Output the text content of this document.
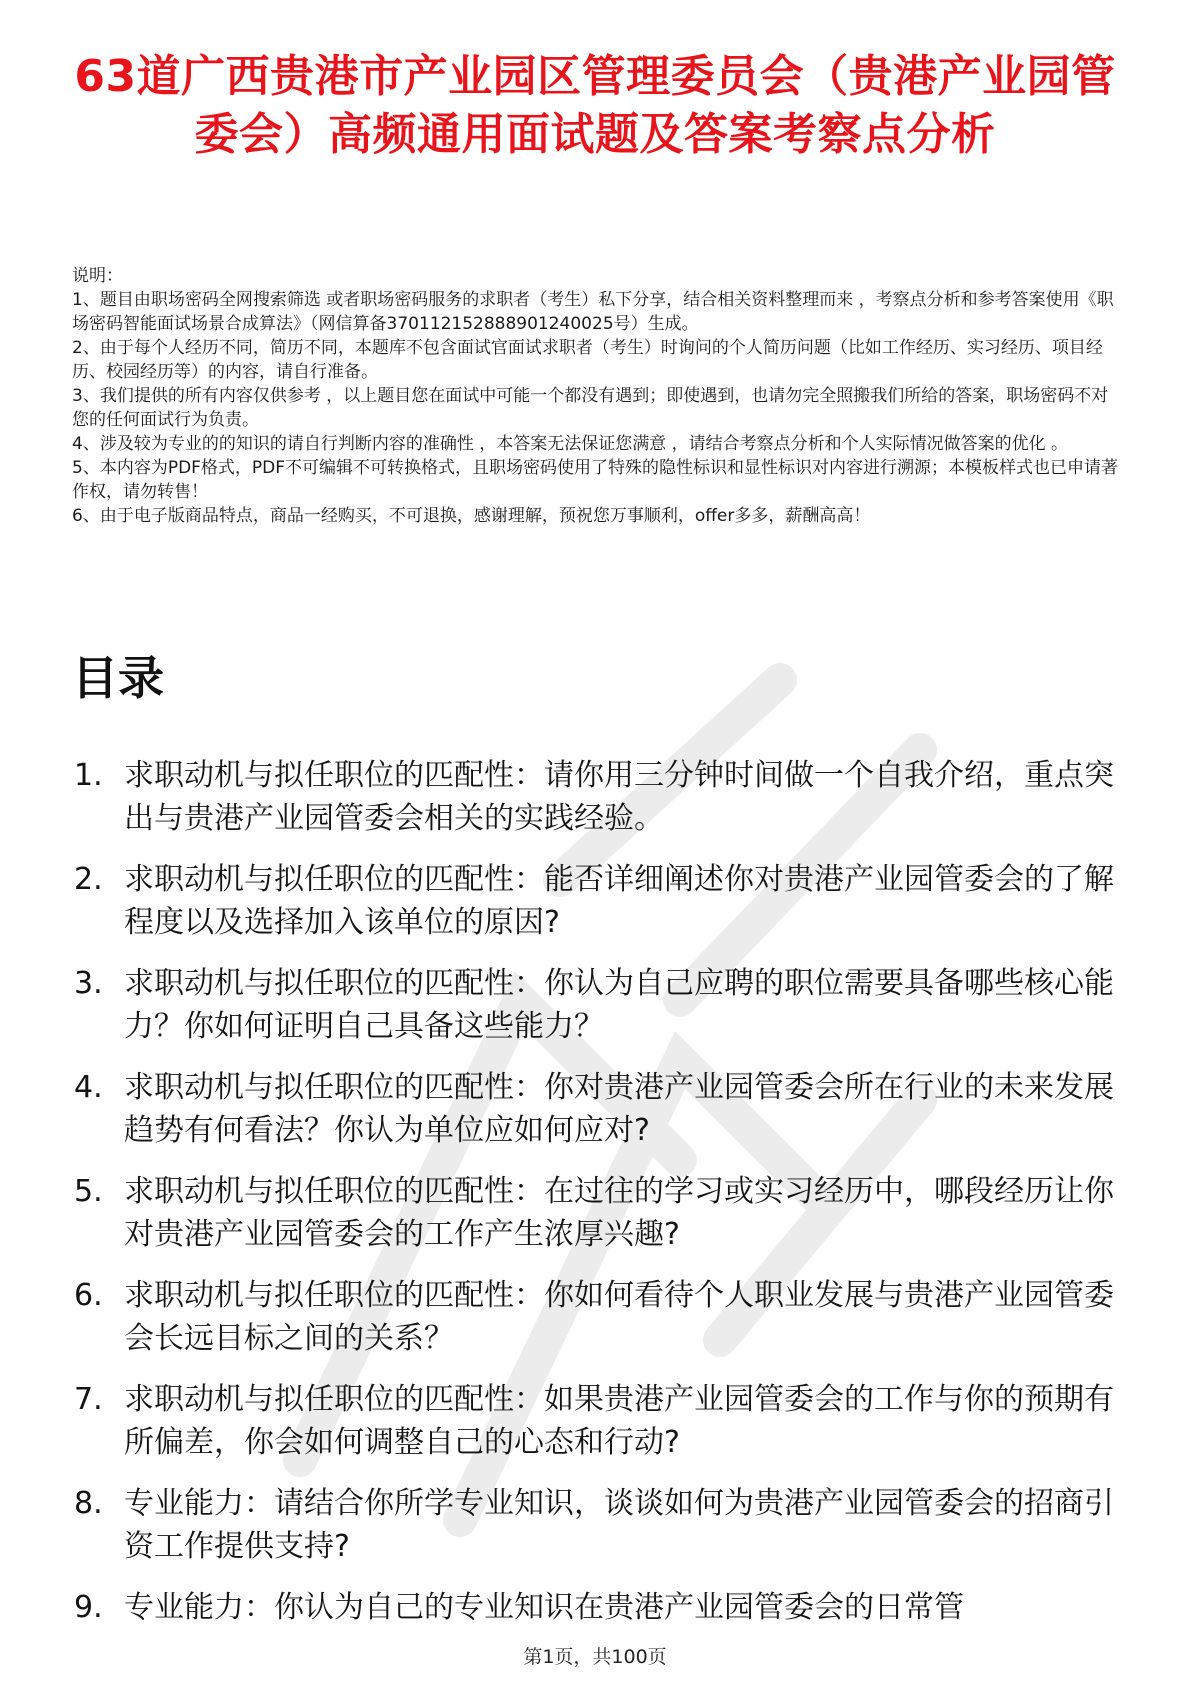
63道广西贵港市产业园区管理委员会（贵港产业园管委会）高频通用面试题及答案考察点分析

说明：

1、题目由职场密码全网搜索筛选 或者职场密码服务的求职者（考生）私下分享，结合相关资料整理而来 ，考察点分析和参考答案使用《职场密码智能面试场景合成算法》（网信算备370112152888901240025号）生成。

2、由于每个人经历不同，简历不同，本题库不包含面试官面试求职者（考生）时询问的个人简历问题（比如工作经历、实习经历、项目经历、校园经历等）的内容，请自行准备。

3、我们提供的所有内容仅供参考 ，以上题目您在面试中可能一个都没有遇到；即使遇到，也请勿完全照搬我们所给的答案，职场密码不对您的任何面试行为负责。

4、涉及较为专业的的知识的请自行判断内容的准确性 ，本答案无法保证您满意 ，请结合考察点分析和个人实际情况做答案的优化 。

5、本内容为PDF格式，PDF不可编辑不可转换格式，且职场密码使用了特殊的隐性标识和显性标识对内容进行溯源；本模板样式也已申请著作权，请勿转售！

6、由于电子版商品特点，商品一经购买，不可退换，感谢理解，预祝您万事顺利，offer多多，薪酬高高！

目录
1. 求职动机与拟任职位的匹配性：请你用三分钟时间做一个自我介绍，重点突出与贵港产业园管委会相关的实践经验。
2. 求职动机与拟任职位的匹配性：能否详细阐述你对贵港产业园管委会的了解程度以及选择加入该单位的原因?
3. 求职动机与拟任职位的匹配性：你认为自己应聘的职位需要具备哪些核心能力？你如何证明自己具备这些能力？
4. 求职动机与拟任职位的匹配性：你对贵港产业园管委会所在行业的未来发展趋势有何看法？你认为单位应如何应对?
5. 求职动机与拟任职位的匹配性：在过往的学习或实习经历中，哪段经历让你对贵港产业园管委会的工作产生浓厚兴趣?
6. 求职动机与拟任职位的匹配性：你如何看待个人职业发展与贵港产业园管委会长远目标之间的关系？
7. 求职动机与拟任职位的匹配性：如果贵港产业园管委会的工作与你的预期有所偏差，你会如何调整自己的心态和行动?
8. 专业能力：请结合你所学专业知识，谈谈如何为贵港产业园管委会的招商引资工作提供支持?
9. 专业能力：你认为自己的专业知识在贵港产业园管委会的日常管
第1页，共100页
